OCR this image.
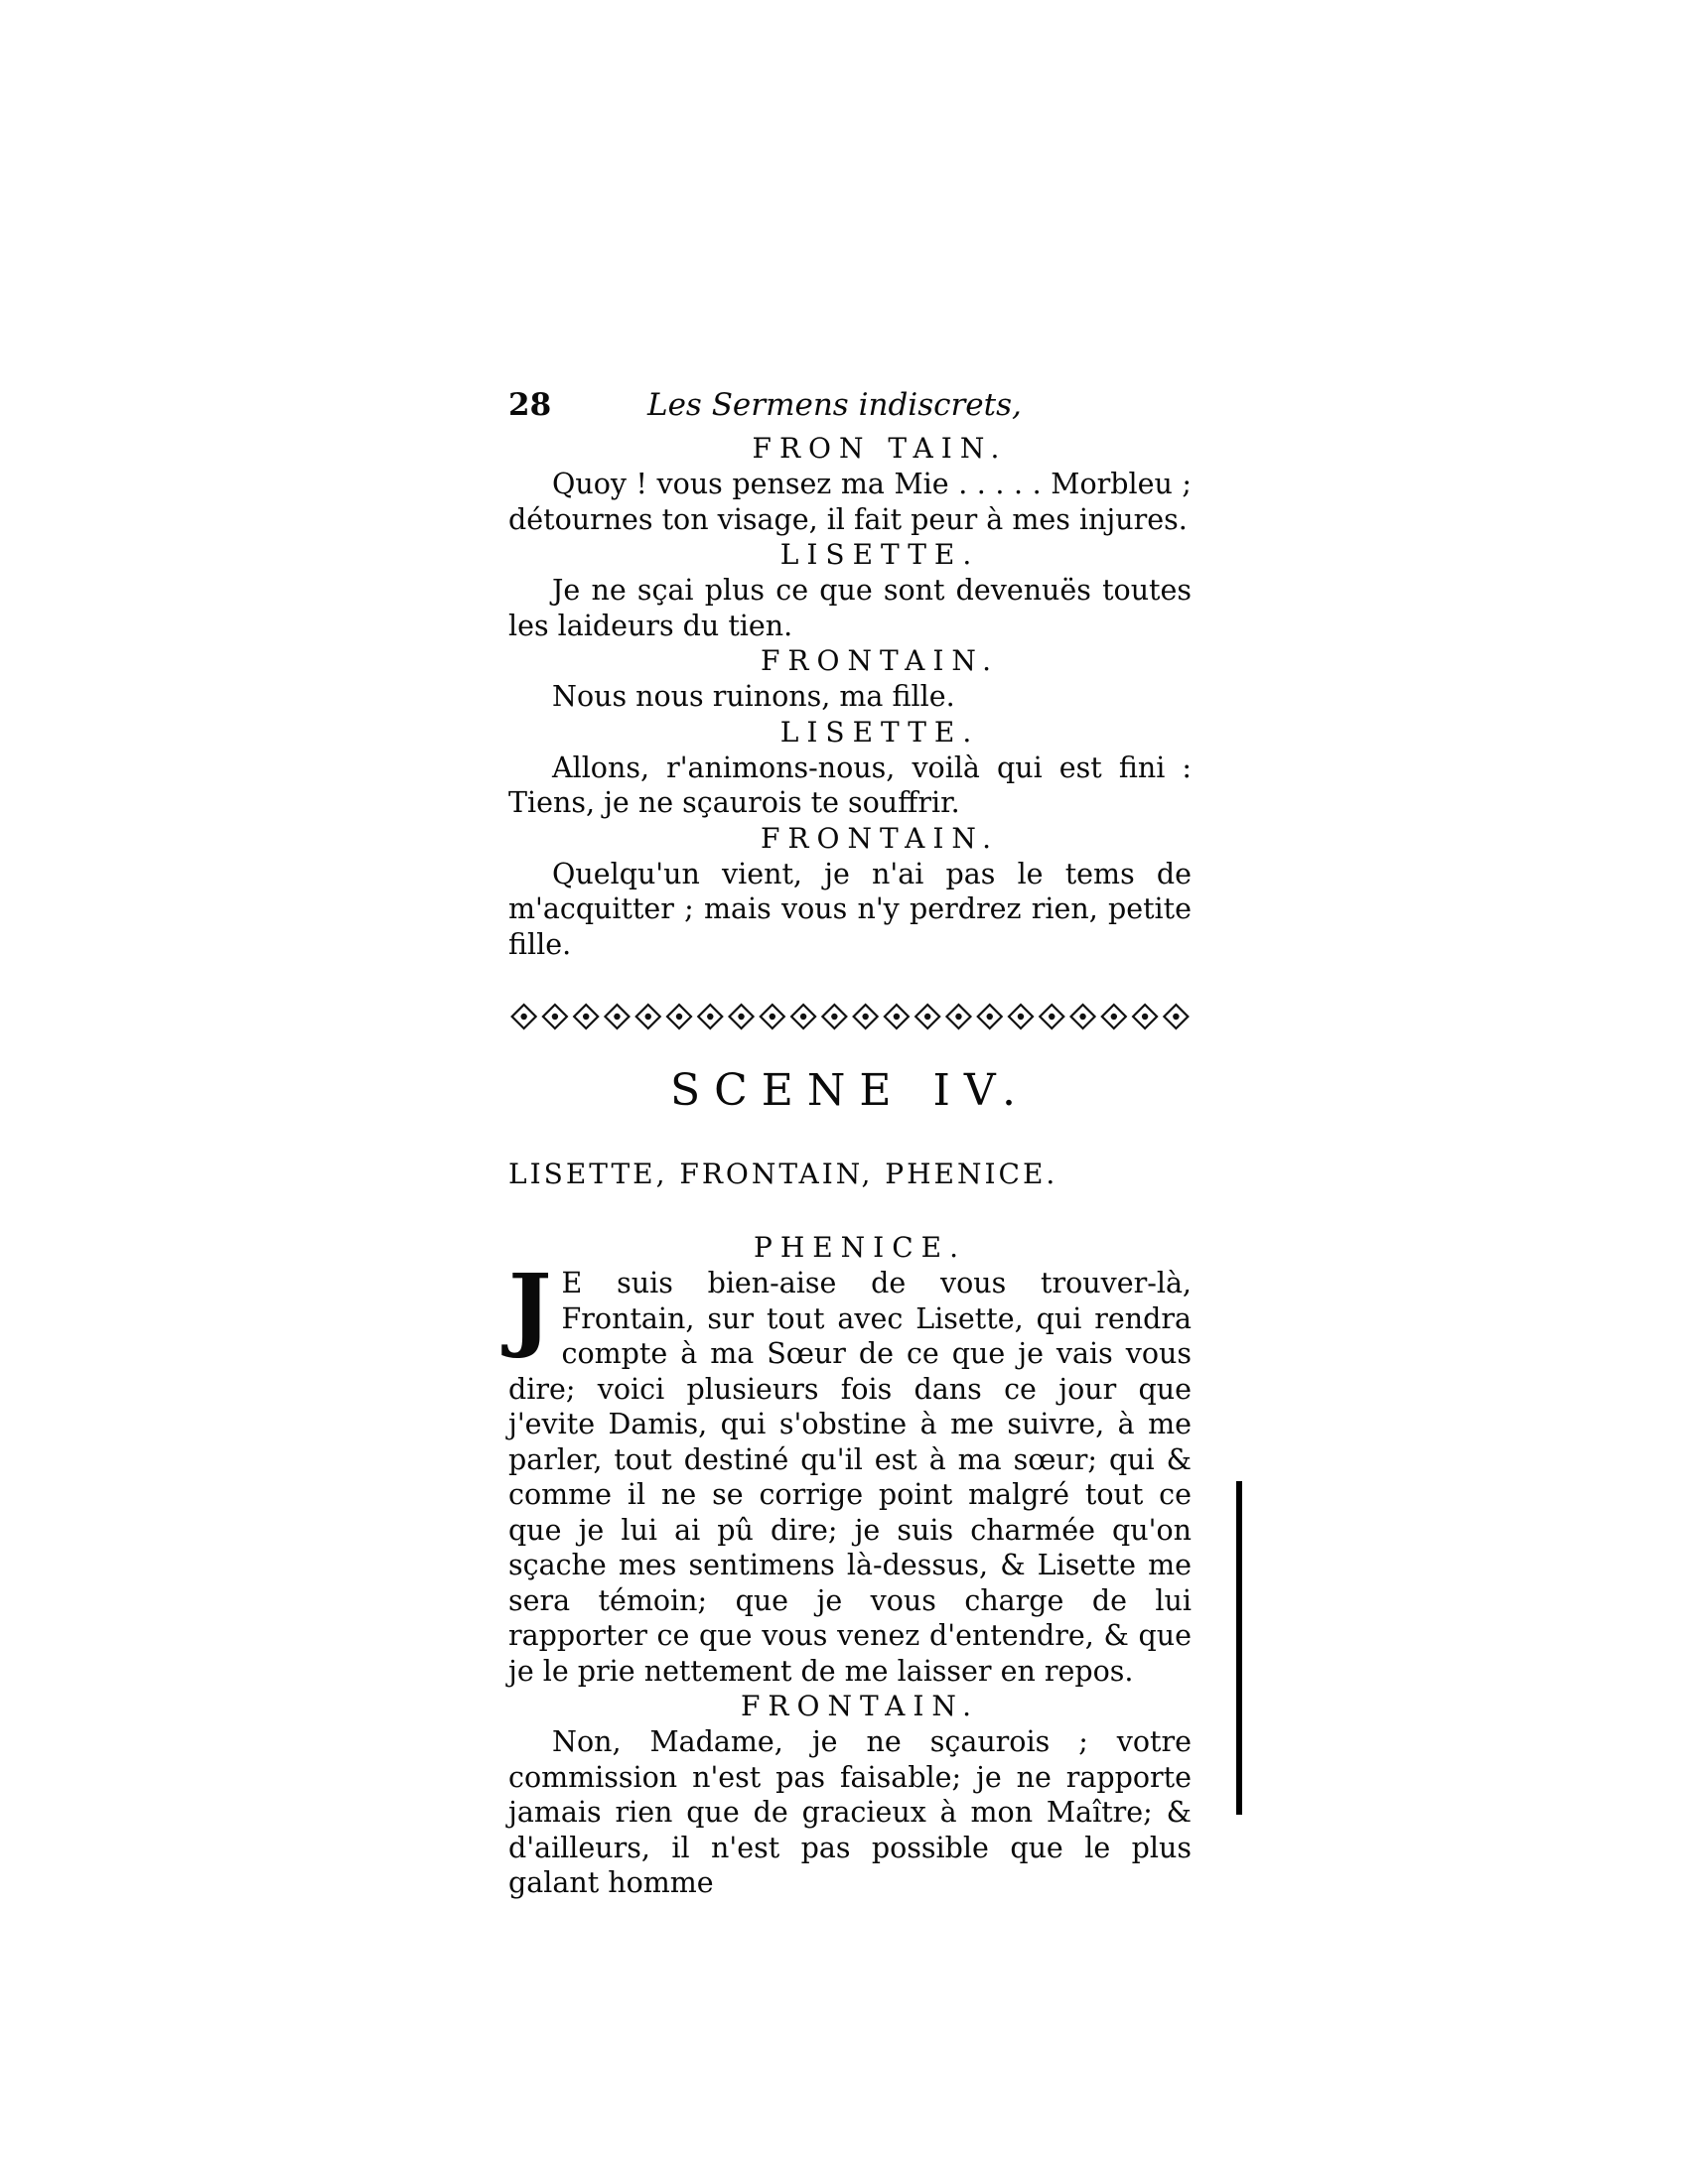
28	Les Sermens indiscrets,
FRON TAIN.

Quoy ! vous pensez ma Mie . . . . . Morbleu ; détournes ton visage, il fait peur à mes injures.

LISETTE.

Je ne sçai plus ce que sont devenuës toutes les laideurs du tien.

FRONTAIN.

Nous nous ruinons, ma fille.

LISETTE.

Allons, r'animons-nous, voilà qui est fini : Tiens, je ne sçaurois te souffrir.

FRONTAIN.

Quelqu'un vient, je n'ai pas le tems de m'acquitter ; mais vous n'y perdrez rien, petite fille.

SCENE IV.
LISETTE, FRONTAIN, PHENICE.
PHENICE.

J E suis bien-aise de vous trouver-là, Frontain, sur tout avec Lisette, qui rendra compte à ma Sœur de ce que je vais vous dire; voici plusieurs fois dans ce jour que j'evite Damis, qui s'obstine à me suivre, à me parler, tout destiné qu'il est à ma sœur; qui & comme il ne se corrige point malgré tout ce que je lui ai pû dire; je suis charmée qu'on sçache mes sentimens là-dessus, & Lisette me sera témoin; que je vous charge de lui rapporter ce que vous venez d'entendre, & que je le prie nettement de me laisser en repos.

FRONTAIN.

Non, Madame, je ne sçaurois ; votre commission n'est pas faisable; je ne rapporte jamais rien que de gracieux à mon Maître; & d'ailleurs, il n'est pas possible que le plus galant homme
